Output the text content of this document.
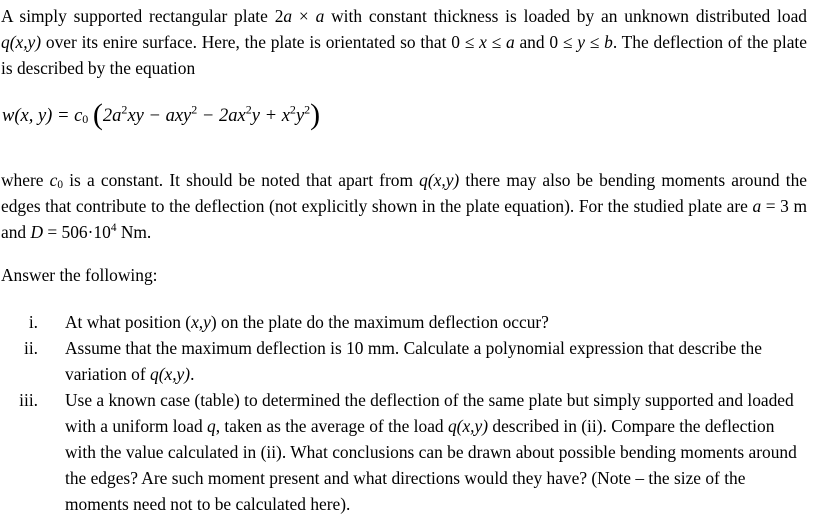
A simply supported rectangular plate 2a × a with constant thickness is loaded by an unknown distributed load q(x,y) over its enire surface. Here, the plate is orientated so that 0 ≤ x ≤ a and 0 ≤ y ≤ b. The deflection of the plate is described by the equation

w(x, $y) = c_0$ $(2a^2xy - axy^2 - 2ax^2y + x^2y^2)$

where $c_0$ is a constant. It should be noted that apart from q(x,y) there may also be bending moments around the edges that contribute to the deflection (not explicitly shown in the plate equation). For the studied plate are a = 3 m and $D = 506\cdot 10^4$ Nm.

Answer the following:

i. At what position (x,y) on the plate do the maximum deflection occur?
ii. Assume that the maximum deflection is 10 mm. Calculate a polynomial expression that describe the variation of q(x,y).
iii. Use a known case (table) to determined the deflection of the same plate but simply supported and loaded with a uniform load q, taken as the average of the load q(x,y) described in (ii). Compare the deflection with the value calculated in (ii). What conclusions can be drawn about possible bending moments around the edges? Are such moment present and what directions would they have? (Note – the size of the moments need not to be calculated here).
